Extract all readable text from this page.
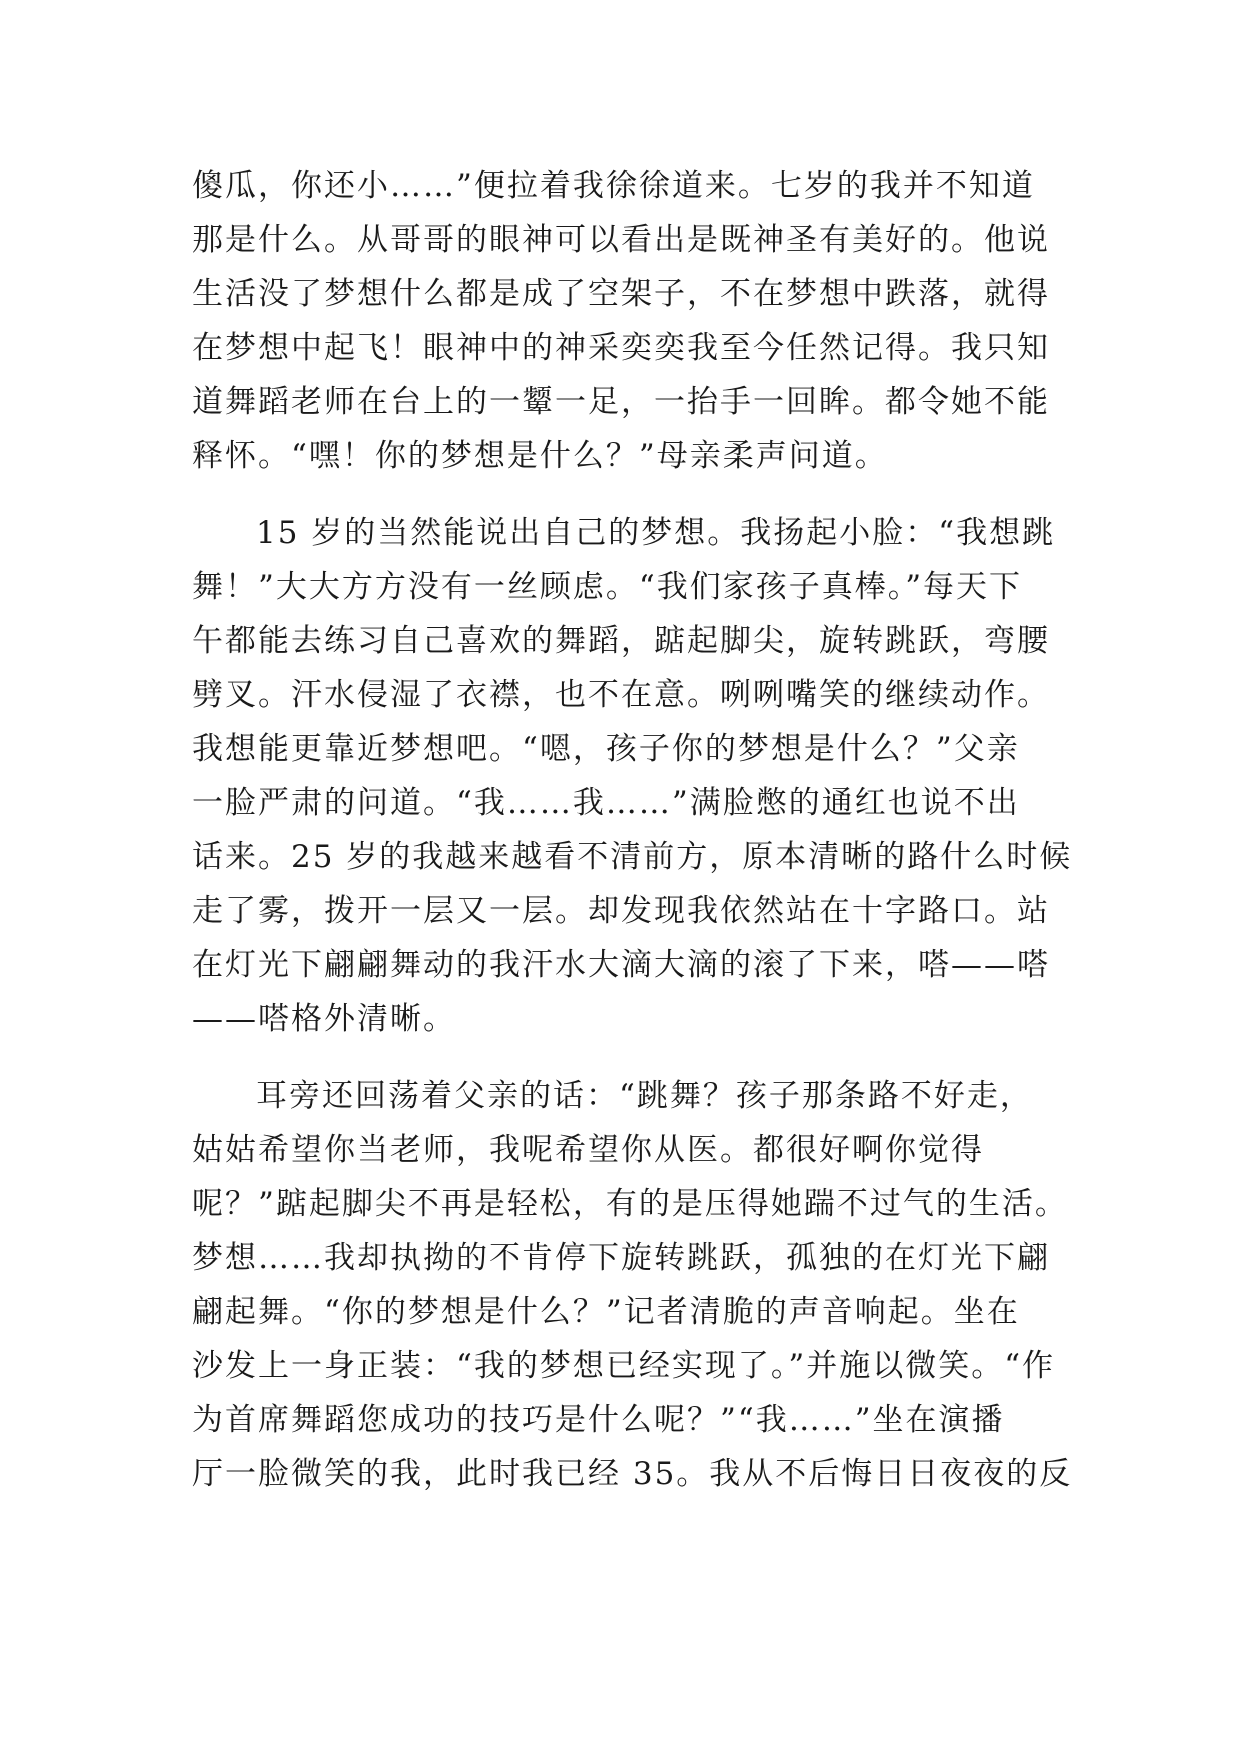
傻瓜，你还小……”便拉着我徐徐道来。七岁的我并不知道
那是什么。从哥哥的眼神可以看出是既神圣有美好的。他说
生活没了梦想什么都是成了空架子，不在梦想中跌落，就得
在梦想中起飞！眼神中的神采奕奕我至今任然记得。我只知
道舞蹈老师在台上的一颦一足，一抬手一回眸。都令她不能
释怀。“嘿！你的梦想是什么？”母亲柔声问道。
15 岁的当然能说出自己的梦想。我扬起小脸：“我想跳
舞！”大大方方没有一丝顾虑。“我们家孩子真棒。”每天下
午都能去练习自己喜欢的舞蹈，踮起脚尖，旋转跳跃，弯腰
劈叉。汗水侵湿了衣襟，也不在意。咧咧嘴笑的继续动作。
我想能更靠近梦想吧。“嗯，孩子你的梦想是什么？”父亲
一脸严肃的问道。“我……我……”满脸憋的通红也说不出
话来。25 岁的我越来越看不清前方，原本清晰的路什么时候
走了雾，拨开一层又一层。却发现我依然站在十字路口。站
在灯光下翩翩舞动的我汗水大滴大滴的滚了下来，嗒——嗒
——嗒格外清晰。
耳旁还回荡着父亲的话：“跳舞？孩子那条路不好走，
姑姑希望你当老师，我呢希望你从医。都很好啊你觉得
呢？”踮起脚尖不再是轻松，有的是压得她踹不过气的生活。
梦想……我却执拗的不肯停下旋转跳跃，孤独的在灯光下翩
翩起舞。“你的梦想是什么？”记者清脆的声音响起。坐在
沙发上一身正装：“我的梦想已经实现了。”并施以微笑。“作
为首席舞蹈您成功的技巧是什么呢？”“我……”坐在演播
厅一脸微笑的我，此时我已经 35。我从不后悔日日夜夜的反
